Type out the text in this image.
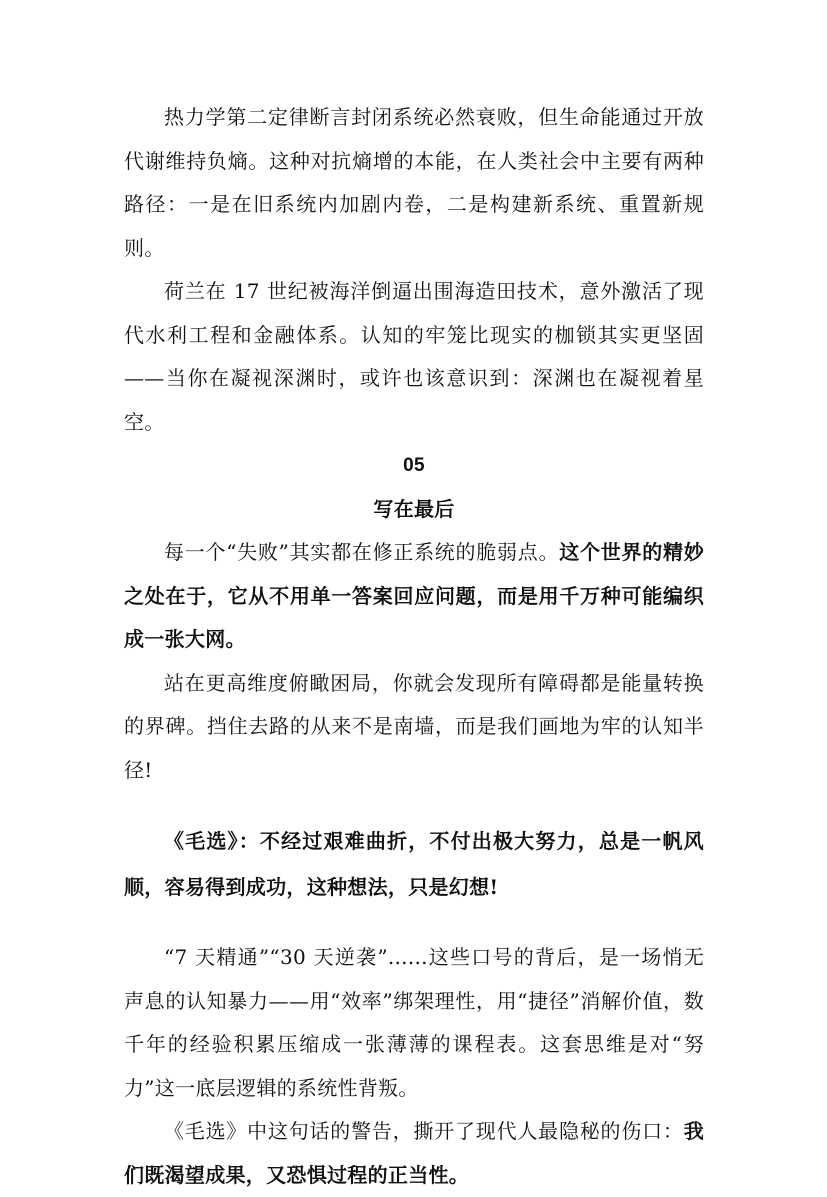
热力学第二定律断言封闭系统必然衰败，但生命能通过开放代谢维持负熵。这种对抗熵增的本能，在人类社会中主要有两种路径：一是在旧系统内加剧内卷，二是构建新系统、重置新规则。

荷兰在 17 世纪被海洋倒逼出围海造田技术，意外激活了现代水利工程和金融体系。认知的牢笼比现实的枷锁其实更坚固——当你在凝视深渊时，或许也该意识到：深渊也在凝视着星空。

05

写在最后

每一个“失败”其实都在修正系统的脆弱点。这个世界的精妙之处在于，它从不用单一答案回应问题，而是用千万种可能编织成一张大网。

站在更高维度俯瞰困局，你就会发现所有障碍都是能量转换的界碑。挡住去路的从来不是南墙，而是我们画地为牢的认知半径!

《毛选》：不经过艰难曲折，不付出极大努力，总是一帆风顺，容易得到成功，这种想法，只是幻想!

“7 天精通”“30 天逆袭”......这些口号的背后，是一场悄无声息的认知暴力——用“效率”绑架理性，用“捷径”消解价值，数千年的经验积累压缩成一张薄薄的课程表。这套思维是对“努力”这一底层逻辑的系统性背叛。

《毛选》中这句话的警告，撕开了现代人最隐秘的伤口：我们既渴望成果，又恐惧过程的正当性。
